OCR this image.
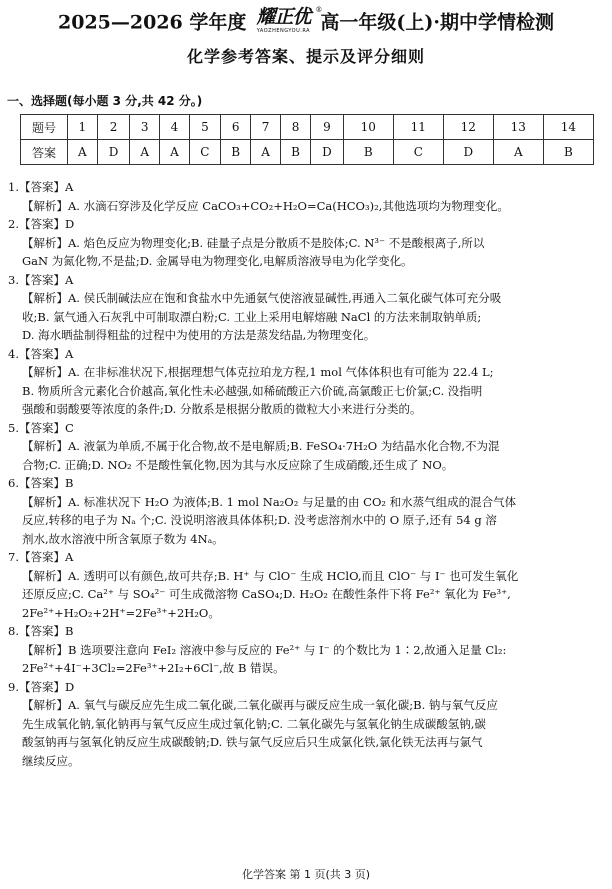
2025—2026 学年度 耀正优
YAOZHENGYOU.RA
®
高一年级(上)·期中学情检测
化学参考答案、提示及评分细则
一、选择题(每小题 3 分,共 42 分。)
题号	1	2	3	4	5	6	7	8	9	10	11	12	13	14
答案	A	D	A	A	C	B	A	B	D	B	C	D	A	B
1.【答案】A
【解析】A. 水滴石穿涉及化学反应 CaCO₃+CO₂+H₂O=Ca(HCO₃)₂,其他选项均为物理变化。
2.【答案】D
【解析】A. 焰色反应为物理变化;B. 硅量子点是分散质不是胶体;C. N³⁻ 不是酸根离子,所以
GaN 为氮化物,不是盐;D. 金属导电为物理变化,电解质溶液导电为化学变化。
3.【答案】A
【解析】A. 侯氏制碱法应在饱和食盐水中先通氨气使溶液显碱性,再通入二氧化碳气体可充分吸
收;B. 氯气通入石灰乳中可制取漂白粉;C. 工业上采用电解熔融 NaCl 的方法来制取钠单质;
D. 海水晒盐制得粗盐的过程中为使用的方法是蒸发结晶,为物理变化。
4.【答案】A
【解析】A. 在非标准状况下,根据理想气体克拉珀龙方程,1 mol 气体体积也有可能为 22.4 L;
B. 物质所含元素化合价越高,氧化性未必越强,如稀硫酸正六价硫,高氯酸正七价氯;C. 没指明
强酸和弱酸要等浓度的条件;D. 分散系是根据分散质的微粒大小来进行分类的。
5.【答案】C
【解析】A. 液氯为单质,不属于化合物,故不是电解质;B. FeSO₄·7H₂O 为结晶水化合物,不为混
合物;C. 正确;D. NO₂ 不是酸性氧化物,因为其与水反应除了生成硝酸,还生成了 NO。
6.【答案】B
【解析】A. 标准状况下 H₂O 为液体;B. 1 mol Na₂O₂ 与足量的由 CO₂ 和水蒸气组成的混合气体
反应,转移的电子为 Nₐ 个;C. 没说明溶液具体体积;D. 没考虑溶剂水中的 O 原子,还有 54 g 溶
剂水,故水溶液中所含氧原子数为 4Nₐ。
7.【答案】A
【解析】A. 透明可以有颜色,故可共存;B. H⁺ 与 ClO⁻ 生成 HClO,而且 ClO⁻ 与 I⁻ 也可发生氧化
还原反应;C. Ca²⁺ 与 SO₄²⁻ 可生成微溶物 CaSO₄;D. H₂O₂ 在酸性条件下将 Fe²⁺ 氧化为 Fe³⁺,
2Fe²⁺+H₂O₂+2H⁺=2Fe³⁺+2H₂O。
8.【答案】B
【解析】B 选项要注意向 FeI₂ 溶液中参与反应的 Fe²⁺ 与 I⁻ 的个数比为 1∶2,故通入足量 Cl₂:
2Fe²⁺+4I⁻+3Cl₂=2Fe³⁺+2I₂+6Cl⁻,故 B 错误。
9.【答案】D
【解析】A. 氧气与碳反应先生成二氧化碳,二氧化碳再与碳反应生成一氧化碳;B. 钠与氧气反应
先生成氧化钠,氧化钠再与氧气反应生成过氧化钠;C. 二氧化碳先与氢氧化钠生成碳酸氢钠,碳
酸氢钠再与氢氧化钠反应生成碳酸钠;D. 铁与氯气反应后只生成氯化铁,氯化铁无法再与氯气
继续反应。
化学答案 第 1 页(共 3 页)
